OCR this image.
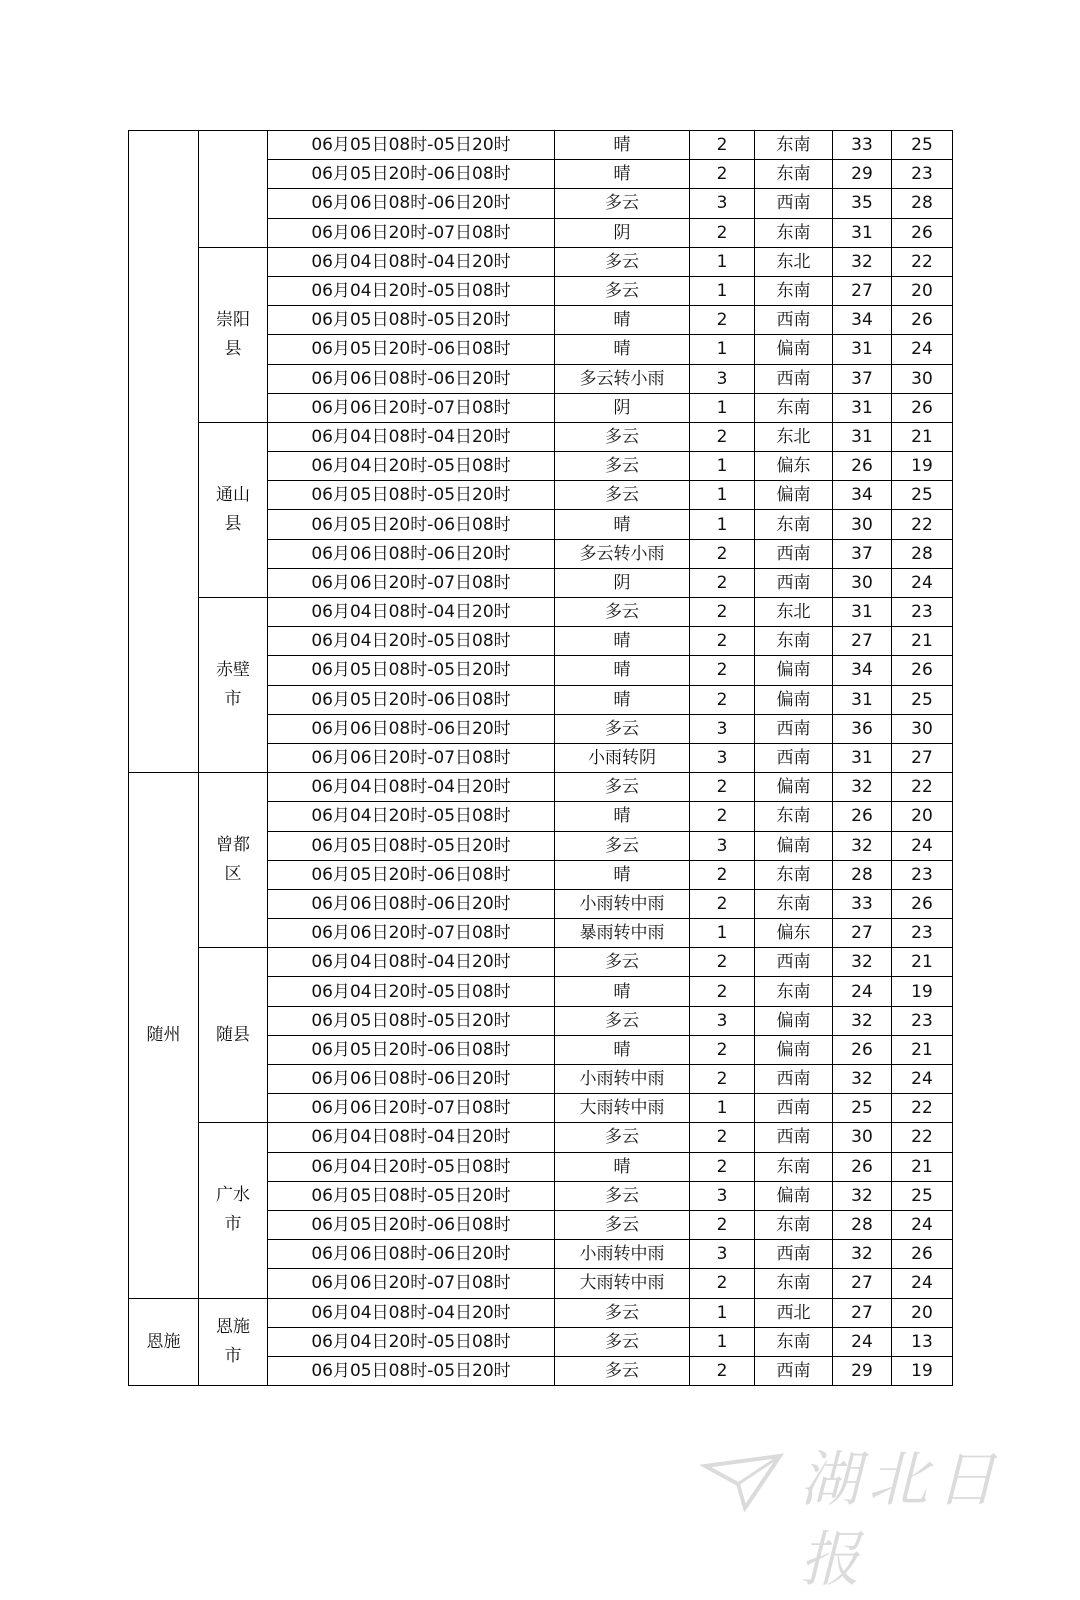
		06月05日08时-05日20时	晴	2	东南	33	25
		06月05日20时-06日08时	晴	2	东南	29	23
		06月06日08时-06日20时	多云	3	西南	35	28
		06月06日20时-07日08时	阴	2	东南	31	26
	崇阳县	06月04日08时-04日20时	多云	1	东北	32	22
		06月04日20时-05日08时	多云	1	东南	27	20
		06月05日08时-05日20时	晴	2	西南	34	26
		06月05日20时-06日08时	晴	1	偏南	31	24
		06月06日08时-06日20时	多云转小雨	3	西南	37	30
		06月06日20时-07日08时	阴	1	东南	31	26
	通山县	06月04日08时-04日20时	多云	2	东北	31	21
		06月04日20时-05日08时	多云	1	偏东	26	19
		06月05日08时-05日20时	多云	1	偏南	34	25
		06月05日20时-06日08时	晴	1	东南	30	22
		06月06日08时-06日20时	多云转小雨	2	西南	37	28
		06月06日20时-07日08时	阴	2	西南	30	24
	赤壁市	06月04日08时-04日20时	多云	2	东北	31	23
		06月04日20时-05日08时	晴	2	东南	27	21
		06月05日08时-05日20时	晴	2	偏南	34	26
		06月05日20时-06日08时	晴	2	偏南	31	25
		06月06日08时-06日20时	多云	3	西南	36	30
		06月06日20时-07日08时	小雨转阴	3	西南	31	27
随州	曾都区	06月04日08时-04日20时	多云	2	偏南	32	22
		06月04日20时-05日08时	晴	2	东南	26	20
		06月05日08时-05日20时	多云	3	偏南	32	24
		06月05日20时-06日08时	晴	2	东南	28	23
		06月06日08时-06日20时	小雨转中雨	2	东南	33	26
		06月06日20时-07日08时	暴雨转中雨	1	偏东	27	23
	随县	06月04日08时-04日20时	多云	2	西南	32	21
		06月04日20时-05日08时	晴	2	东南	24	19
		06月05日08时-05日20时	多云	3	偏南	32	23
		06月05日20时-06日08时	晴	2	偏南	26	21
		06月06日08时-06日20时	小雨转中雨	2	西南	32	24
		06月06日20时-07日08时	大雨转中雨	1	西南	25	22
	广水市	06月04日08时-04日20时	多云	2	西南	30	22
		06月04日20时-05日08时	晴	2	东南	26	21
		06月05日08时-05日20时	多云	3	偏南	32	25
		06月05日20时-06日08时	多云	2	东南	28	24
		06月06日08时-06日20时	小雨转中雨	3	西南	32	26
		06月06日20时-07日08时	大雨转中雨	2	东南	27	24
恩施	恩施市	06月04日08时-04日20时	多云	1	西北	27	20
		06月04日20时-05日08时	多云	1	东南	24	13
		06月05日08时-05日20时	多云	2	西南	29	19
湖北日报
